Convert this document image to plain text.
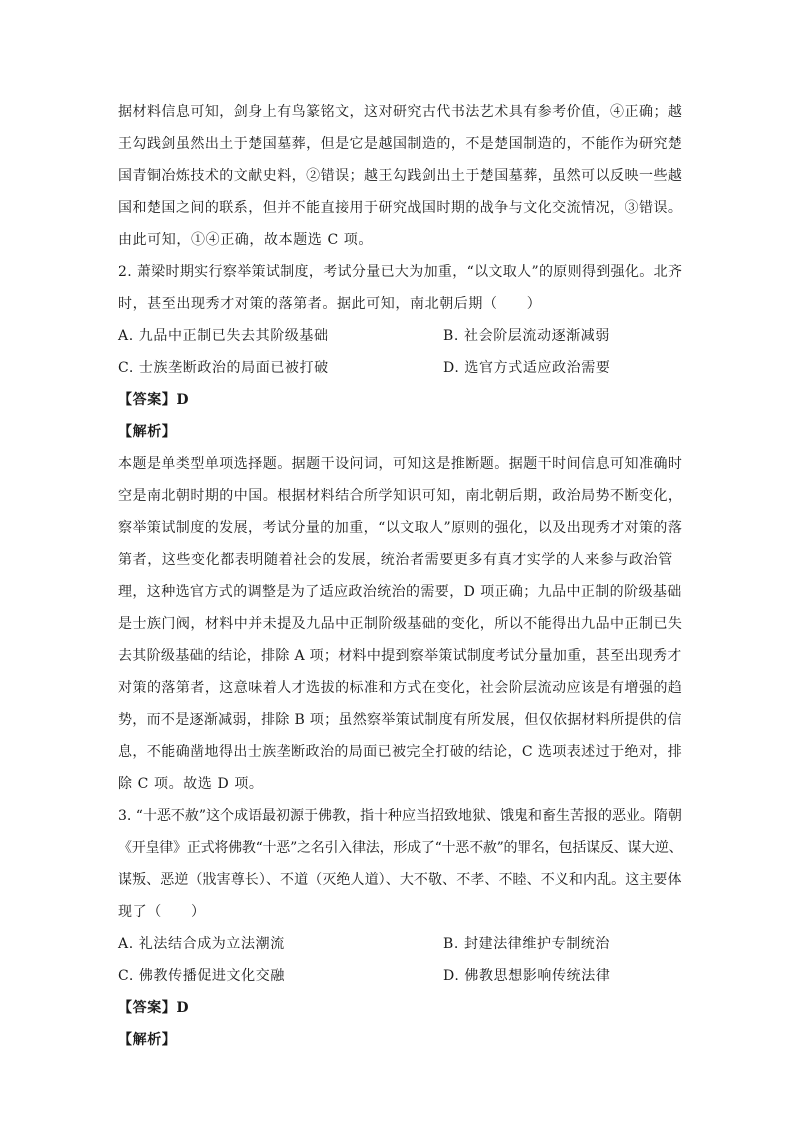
据材料信息可知，剑身上有鸟篆铭文，这对研究古代书法艺术具有参考价值，④正确；越
王勾践剑虽然出土于楚国墓葬，但是它是越国制造的，不是楚国制造的，不能作为研究楚
国青铜冶炼技术的文献史料，②错误；越王勾践剑出土于楚国墓葬，虽然可以反映一些越
国和楚国之间的联系，但并不能直接用于研究战国时期的战争与文化交流情况，③错误。
由此可知，①④正确，故本题选 C 项。
2. 萧梁时期实行察举策试制度，考试分量已大为加重，“以文取人”的原则得到强化。北齐
时，甚至出现秀才对策的落第者。据此可知，南北朝后期（　　）
A. 九品中正制已失去其阶级基础	B. 社会阶层流动逐渐减弱
C. 士族垄断政治的局面已被打破	D. 选官方式适应政治需要
【答案】D
【解析】
本题是单类型单项选择题。据题干设问词，可知这是推断题。据题干时间信息可知准确时
空是南北朝时期的中国。根据材料结合所学知识可知，南北朝后期，政治局势不断变化，
察举策试制度的发展，考试分量的加重，“以文取人”原则的强化，以及出现秀才对策的落
第者，这些变化都表明随着社会的发展，统治者需要更多有真才实学的人来参与政治管
理，这种选官方式的调整是为了适应政治统治的需要，D 项正确；九品中正制的阶级基础
是士族门阀，材料中并未提及九品中正制阶级基础的变化，所以不能得出九品中正制已失
去其阶级基础的结论，排除 A 项；材料中提到察举策试制度考试分量加重，甚至出现秀才
对策的落第者，这意味着人才选拔的标准和方式在变化，社会阶层流动应该是有增强的趋
势，而不是逐渐减弱，排除 B 项；虽然察举策试制度有所发展，但仅依据材料所提供的信
息，不能确凿地得出士族垄断政治的局面已被完全打破的结论，C 选项表述过于绝对，排
除 C 项。故选 D 项。
3. “十恶不赦”这个成语最初源于佛教，指十种应当招致地狱、饿鬼和畜生苦报的恶业。隋朝
《开皇律》正式将佛教“十恶”之名引入律法，形成了“十恶不赦”的罪名，包括谋反、谋大逆、
谋叛、恶逆（戕害尊长）、不道（灭绝人道）、大不敬、不孝、不睦、不义和内乱。这主要体
现了（　　）
A. 礼法结合成为立法潮流	B. 封建法律维护专制统治
C. 佛教传播促进文化交融	D. 佛教思想影响传统法律
【答案】D
【解析】
